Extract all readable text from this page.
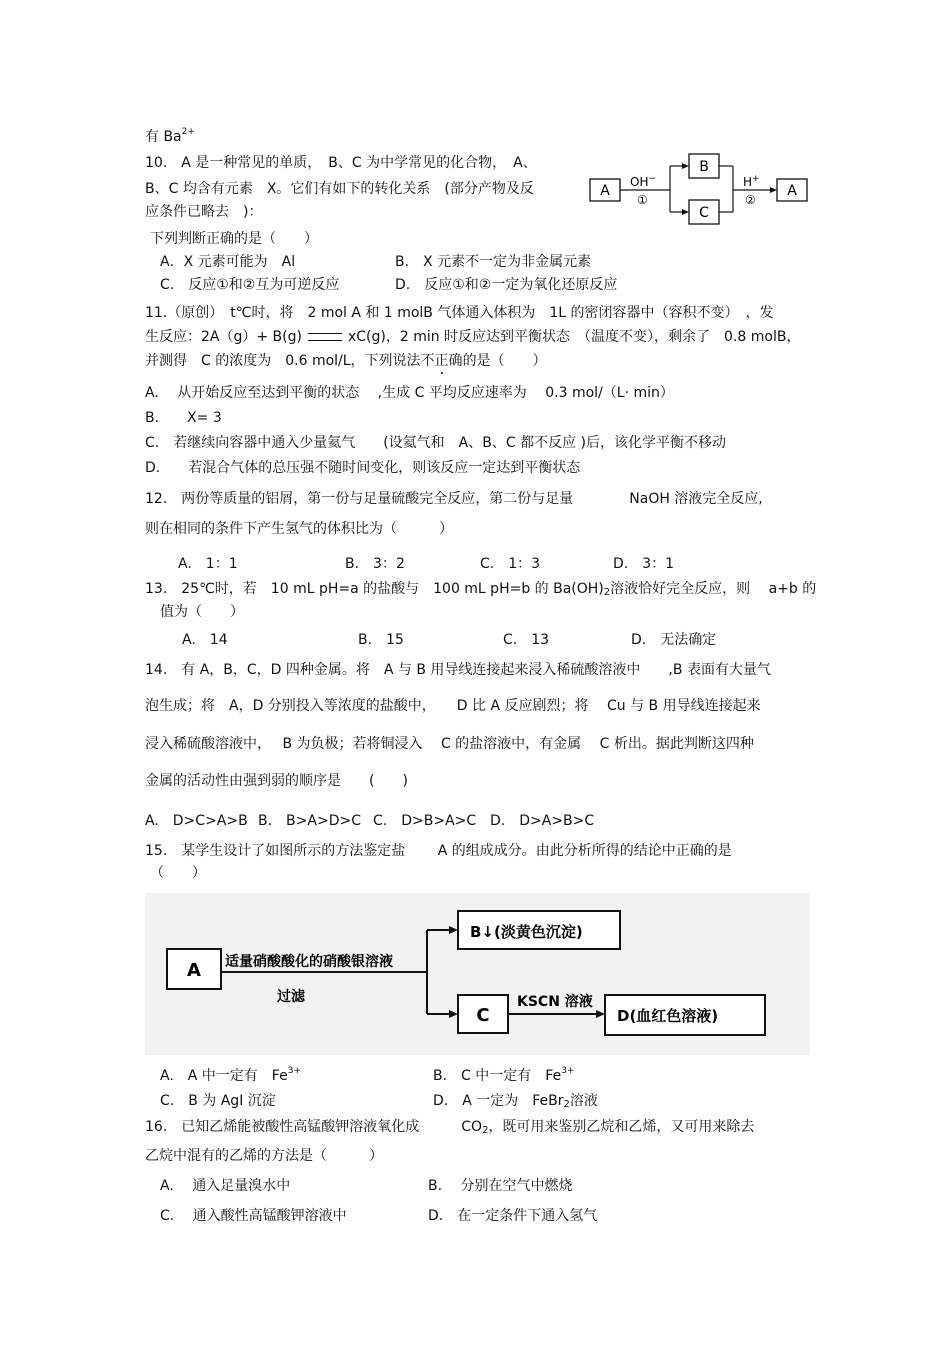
有 $Ba^{2+}$
10.　A 是一种常见的单质，　B、C 为中学常见的化合物，　A、
B、C 均含有元素　X。它们有如下的转化关系　(部分产物及反
应条件已略去　)：
A
OH−
①
B
C
H+
②
A
下列判断正确的是（　　）
A．X 元素可能为　Al	B.　X 元素不一定为非金属元素
C.　反应①和②互为可逆反应	D.　反应①和②一定为氧化还原反应
11.（原创）　t℃时，将　2 mol A 和 1 molB 气体通入体积为　1L 的密闭容器中（容积不变）　，发
生反应：2A（g）+ B(g)	xC(g)，2 min 时反应达到平衡状态　（温度不变），剩余了　0.8 molB，
并测得　C 的浓度为　0.6 mol/L，下列说法不正确的是（　　）
A.　 从开始反应至达到平衡的状态　 ,生成 C 平均反应速率为　 0.3 mol/（L· min）
B.　　X= 3
C.　若继续向容器中通入少量氦气　　(设氦气和　A、B、C 都不反应 )后，该化学平衡不移动
D.　　若混合气体的总压强不随时间变化，则该反应一定达到平衡状态
12.　两份等质量的铝屑，第一份与足量硫酸完全反应，第二份与足量　　　　NaOH 溶液完全反应,
则在相同的条件下产生氢气的体积比为（　　　）
A.　1：1	B.　3：2	C.　1：3	D.　3：1
13.　25℃时，若　10 mL pH=a 的盐酸与　100 mL pH=b 的 $Ba(OH)_2$溶液恰好完全反应，则　 a+b 的
值为（　　）
A.　14	B.　15	C.　13	D.　无法确定
14.　有 A，B，C，D 四种金属。将　A 与 B 用导线连接起来浸入稀硫酸溶液中　　,B 表面有大量气
泡生成；将　A，D 分别投入等浓度的盐酸中，　　D 比 A 反应剧烈；将　 Cu 与 B 用导线连接起来
浸入稀硫酸溶液中，　 B 为负极；若将铜浸入　 C 的盐溶液中，有金属　 C 析出。据此判断这四种
金属的活动性由强到弱的顺序是　　(　　)
A.　D>C>A>B B.　B>A>D>C C.　D>B>A>C D.　D>A>B>C
15.　某学生设计了如图所示的方法鉴定盐　　 A 的组成成分。由此分析所得的结论中正确的是
（　　）
A 适量硝酸酸化的硝酸银溶液
过滤
B↓(淡黄色沉淀)
C
KSCN 溶液
D(血红色溶液)
A.　A 中一定有　$Fe^{3+}$	B.　C 中一定有　$Fe^{3+}$
C.　B 为 AgI 沉淀	D.　A 一定为　FeBr$_2$溶液
16.　已知乙烯能被酸性高锰酸钾溶液氧化成　　　$CO_2$，既可用来鉴别乙烷和乙烯，又可用来除去
乙烷中混有的乙烯的方法是（　　　）
A.　 通入足量溴水中	B.　 分别在空气中燃烧
C.　 通入酸性高锰酸钾溶液中	D.　在一定条件下通入氢气
